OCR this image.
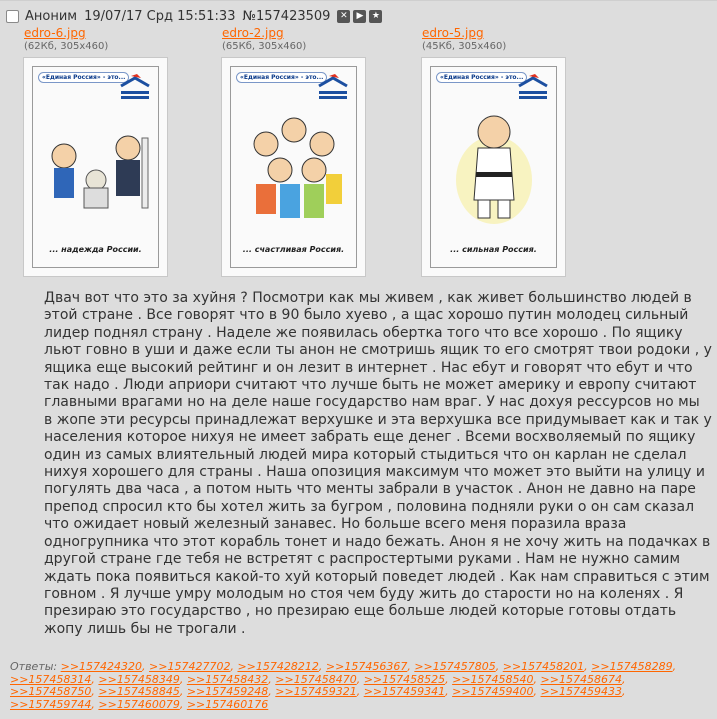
Аноним 19/07/17 Срд 15:51:33 №157423509	✕ ▶ ★
edro-6.jpg
(62Кб, 305x460)
«Единая Россия» - это...
... надежда России.
edro-2.jpg
(65Кб, 305x460)
«Единая Россия» - это...
... счастливая Россия.
edro-5.jpg
(45Кб, 305x460)
«Единая Россия» - это...
... сильная Россия.
Двач вот что это за хуйня ? Посмотри как мы живем , как живет большинство людей в этой стране . Все говорят что в 90 было хуево , а щас хорошо путин молодец сильный лидер поднял страну . Наделе же появилась обертка того что все хорошо . По ящику льют говно в уши и даже если ты анон не смотришь ящик то его смотрят твои родоки , у ящика еще высокий рейтинг и он лезит в интернет . Нас ебут и говорят что ебут и что так надо . Люди априори считают что лучше быть не может америку и европу считают главными врагами но на деле наше государство нам враг. У нас дохуя рессурсов но мы в жопе эти ресурсы принадлежат верхушке и эта верхушка все придумывает как и так у населения которое нихуя не имеет забрать еще денег . Всеми восхволяемый по ящику один из самых влиятельный людей мира который стыдиться что он карлан не сделал нихуя хорошего для страны . Наша опозиция максимум что может это выйти на улицу и погулять два часа , а потом ныть что менты забрали в участок . Анон не давно на паре препод спросил кто бы хотел жить за бугром , половина подняли руки о он сам сказал что ожидает новый железный занавес. Но больше всего меня поразила вразa одногрупника что этот корабль тонет и надо бежать. Анон я не хочу жить на подачках в другой стране где тебя не встретят с распростертыми руками . Нам не нужно самим ждать пока появиться какой-то хуй который поведет людей . Как нам справиться с этим говном . Я лучше умру молодым но стоя чем буду жить до старости но на коленях . Я презираю это государство , но презираю еще больше людей которые готовы отдать жопу лишь бы не трогали .
Ответы: >>157424320, >>157427702, >>157428212, >>157456367, >>157457805, >>157458201, >>157458289, >>157458314, >>157458349, >>157458432, >>157458470, >>157458525, >>157458540, >>157458674, >>157458750, >>157458845, >>157459248, >>157459321, >>157459341, >>157459400, >>157459433, >>157459744, >>157460079, >>157460176
